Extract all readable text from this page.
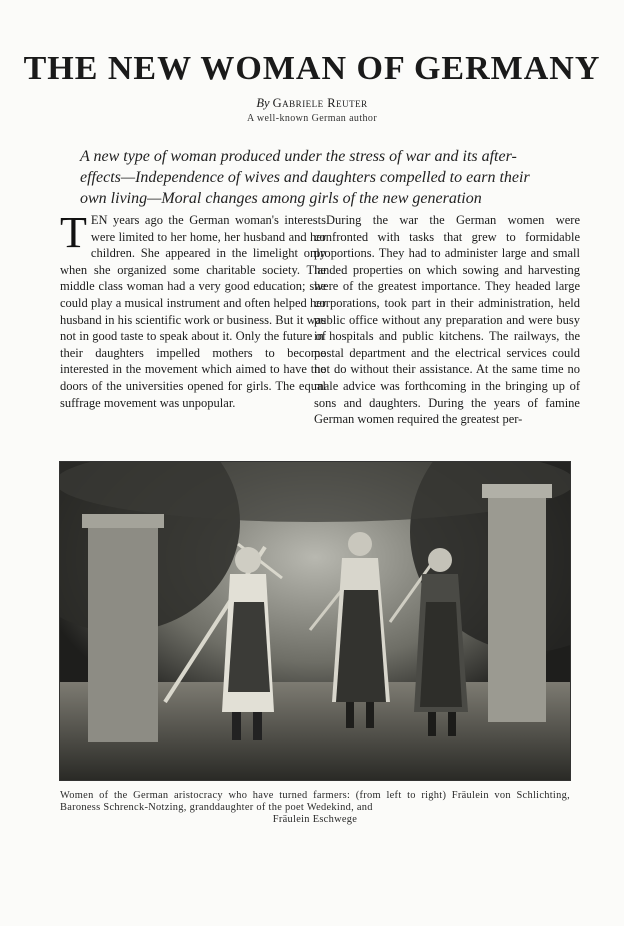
THE NEW WOMAN OF GERMANY
By Gabriele Reuter
A well-known German author
A new type of woman produced under the stress of war and its after-effects—Independence of wives and daughters compelled to earn their own living—Moral changes among girls of the new generation

TEN years ago the German woman's interests were limited to her home, her husband and her children. She appeared in the limelight only when she organized some charitable society. The middle class woman had a very good education; she could play a musical instrument and often helped her husband in his scientific work or business. But it was not in good taste to speak about it. Only the future of their daughters impelled mothers to become interested in the movement which aimed to have the doors of the universities opened for girls. The equal suffrage movement was unpopular.

During the war the German women were confronted with tasks that grew to formidable proportions. They had to administer large and small landed properties on which sowing and harvesting were of the greatest importance. They headed large corporations, took part in their administration, held public office without any preparation and were busy in hospitals and public kitchens. The railways, the postal department and the electrical services could not do without their assistance. At the same time no male advice was forthcoming in the bringing up of sons and daughters. During the years of famine German women required the greatest per-

Women of the German aristocracy who have turned farmers: (from left to right) Fräulein von Schlichting, Baroness Schrenck-Notzing, granddaughter of the poet Wedekind, and
Fräulein Eschwege
